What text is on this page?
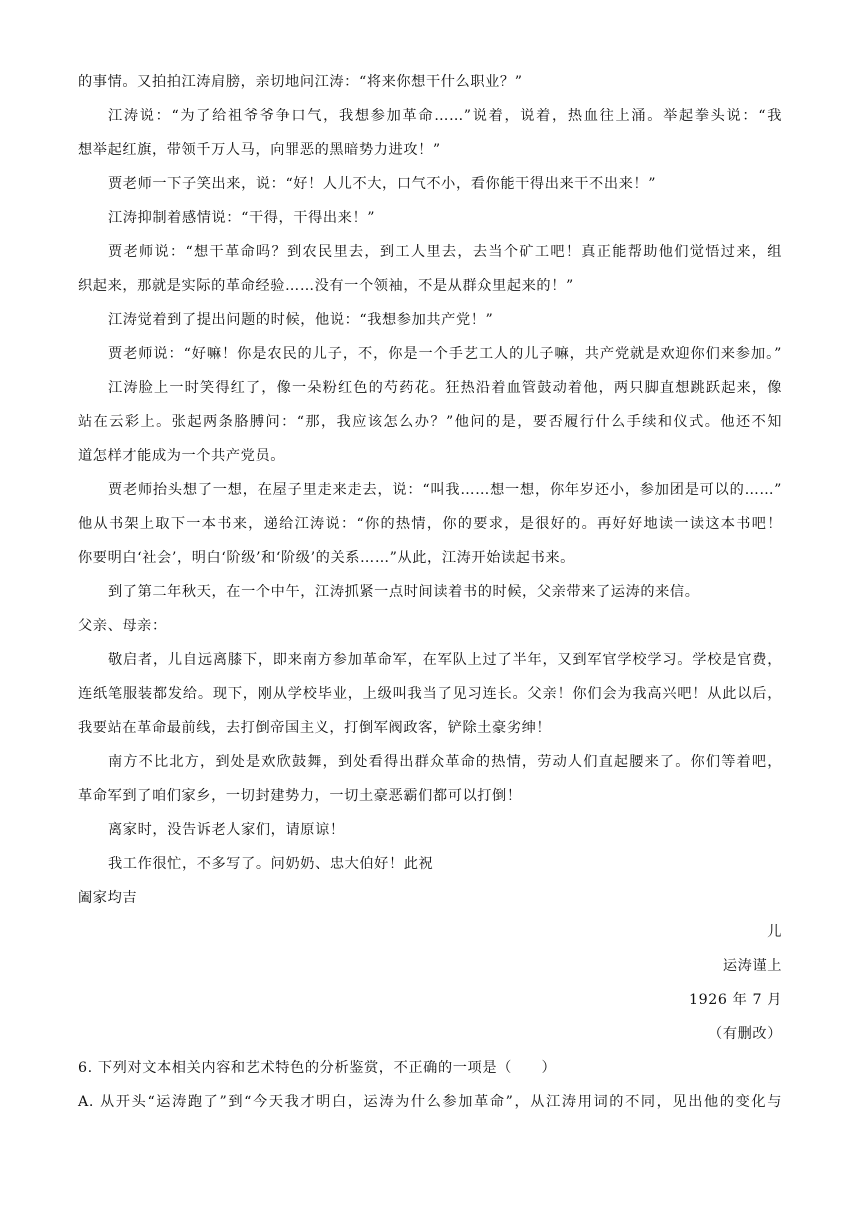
的事情。又拍拍江涛肩膀，亲切地问江涛：“将来你想干什么职业？”
江涛说：“为了给祖爷爷争口气，我想参加革命……”说着，说着，热血往上涌。举起拳头说：“我
想举起红旗，带领千万人马，向罪恶的黑暗势力进攻！”
贾老师一下子笑出来，说：“好！人儿不大，口气不小，看你能干得出来干不出来！”
江涛抑制着感情说：“干得，干得出来！”
贾老师说：“想干革命吗？到农民里去，到工人里去，去当个矿工吧！真正能帮助他们觉悟过来，组
织起来，那就是实际的革命经验……没有一个领袖，不是从群众里起来的！”
江涛觉着到了提出问题的时候，他说：“我想参加共产党！”
贾老师说：“好嘛！你是农民的儿子，不，你是一个手艺工人的儿子嘛，共产党就是欢迎你们来参加。”
江涛脸上一时笑得红了，像一朵粉红色的芍药花。狂热沿着血管鼓动着他，两只脚直想跳跃起来，像
站在云彩上。张起两条胳膊问：“那，我应该怎么办？”他问的是，要否履行什么手续和仪式。他还不知
道怎样才能成为一个共产党员。
贾老师抬头想了一想，在屋子里走来走去，说：“叫我……想一想，你年岁还小，参加团是可以的……”
他从书架上取下一本书来，递给江涛说：“你的热情，你的要求，是很好的。再好好地读一读这本书吧！
你要明白‘社会’，明白‘阶级’和‘阶级’的关系……”从此，江涛开始读起书来。
到了第二年秋天，在一个中午，江涛抓紧一点时间读着书的时候，父亲带来了运涛的来信。
父亲、母亲：
敬启者，儿自远离膝下，即来南方参加革命军，在军队上过了半年，又到军官学校学习。学校是官费，
连纸笔服装都发给。现下，刚从学校毕业，上级叫我当了见习连长。父亲！你们会为我高兴吧！从此以后，
我要站在革命最前线，去打倒帝国主义，打倒军阀政客，铲除土豪劣绅！
南方不比北方，到处是欢欣鼓舞，到处看得出群众革命的热情，劳动人们直起腰来了。你们等着吧，
革命军到了咱们家乡，一切封建势力，一切土豪恶霸们都可以打倒！
离家时，没告诉老人家们，请原谅！
我工作很忙，不多写了。问奶奶、忠大伯好！此祝
阖家均吉
儿
运涛谨上
1926 年 7 月
（有删改）
6. 下列对文本相关内容和艺术特色的分析鉴赏，不正确的一项是（　　）
A. 从开头“运涛跑了”到“今天我才明白，运涛为什么参加革命”，从江涛用词的不同，见出他的变化与
